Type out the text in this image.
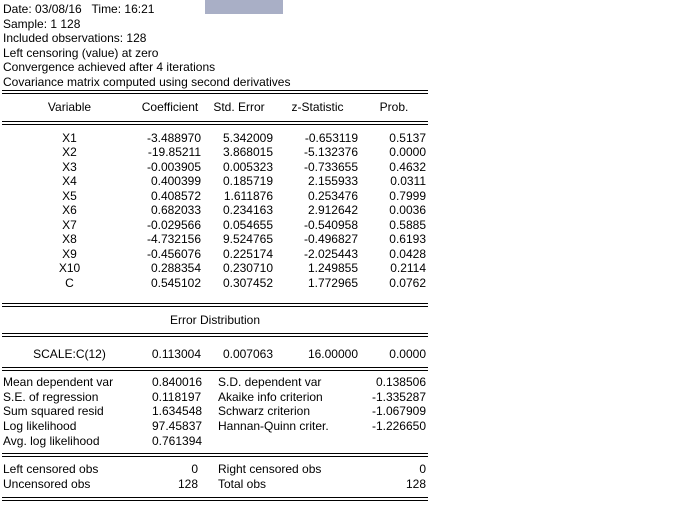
Date: 03/08/16   Time: 16:21
Sample: 1 128
Included observations: 128
Left censoring (value) at zero
Convergence achieved after 4 iterations
Covariance matrix computed using second derivatives
Variable	Coefficient	Std. Error	z-Statistic	Prob.
X1	-3.488970	5.342009	-0.653119	0.5137
X2	-19.85211	3.868015	-5.132376	0.0000
X3	-0.003905	0.005323	-0.733655	0.4632
X4	0.400399	0.185719	2.155933	0.0311
X5	0.408572	1.611876	0.253476	0.7999
X6	0.682033	0.234163	2.912642	0.0036
X7	-0.029566	0.054655	-0.540958	0.5885
X8	-4.732156	9.524765	-0.496827	0.6193
X9	-0.456076	0.225174	-2.025443	0.0428
X10	0.288354	0.230710	1.249855	0.2114
C	0.545102	0.307452	1.772965	0.0762
Error Distribution
SCALE:C(12)	0.113004	0.007063	16.00000	0.0000
Mean dependent var	0.840016 S.D. dependent var	0.138506
S.E. of regression	0.118197 Akaike info criterion	-1.335287
Sum squared resid	1.634548 Schwarz criterion	-1.067909
Log likelihood	97.45837 Hannan-Quinn criter.	-1.226650
Avg. log likelihood	0.761394
Left censored obs	0 Right censored obs	0
Uncensored obs	128 Total obs	128
